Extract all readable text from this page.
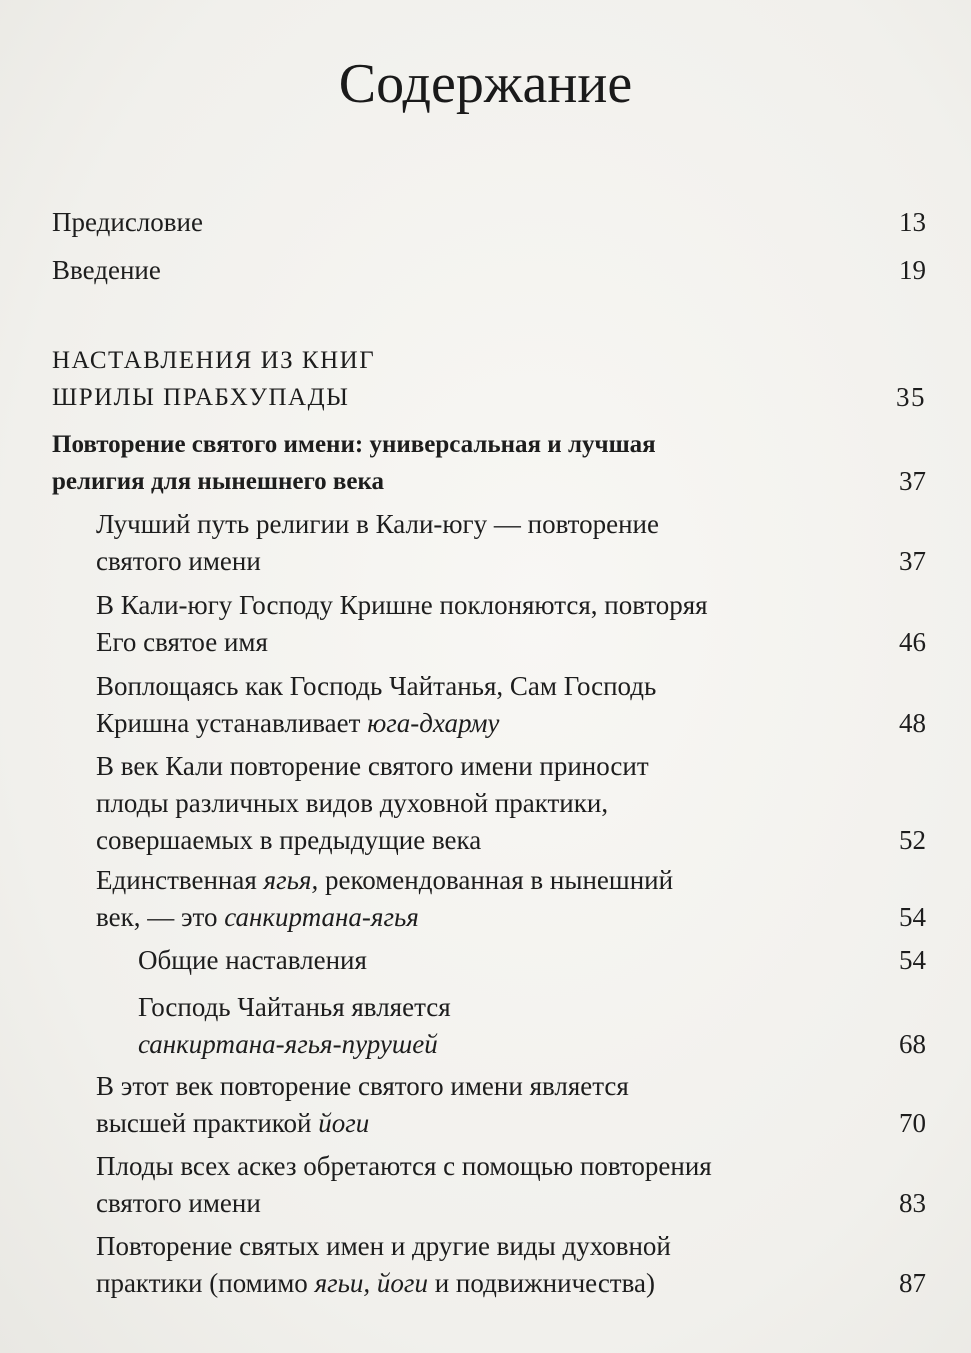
Содержание
Предисловие	13
Введение	19
НАСТАВЛЕНИЯ ИЗ КНИГ
ШРИЛЫ ПРАБХУПАДЫ	35
Повторение святого имени: универсальная и лучшая
религия для нынешнего века	37
Лучший путь религии в Кали-югу — повторение
святого имени	37
В Кали-югу Господу Кришне поклоняются, повторяя
Его святое имя	46
Воплощаясь как Господь Чайтанья, Сам Господь
Кришна устанавливает юга-дхарму	48
В век Кали повторение святого имени приносит
плоды различных видов духовной практики,
совершаемых в предыдущие века	52
Единственная ягья, рекомендованная в нынешний
век, — это санкиртана-ягья	54
Общие наставления	54
Господь Чайтанья является
санкиртана-ягья-пурушей	68
В этот век повторение святого имени является
высшей практикой йоги	70
Плоды всех аскез обретаются с помощью повторения
святого имени	83
Повторение святых имен и другие виды духовной
практики (помимо ягьи, йоги и подвижничества)	87
